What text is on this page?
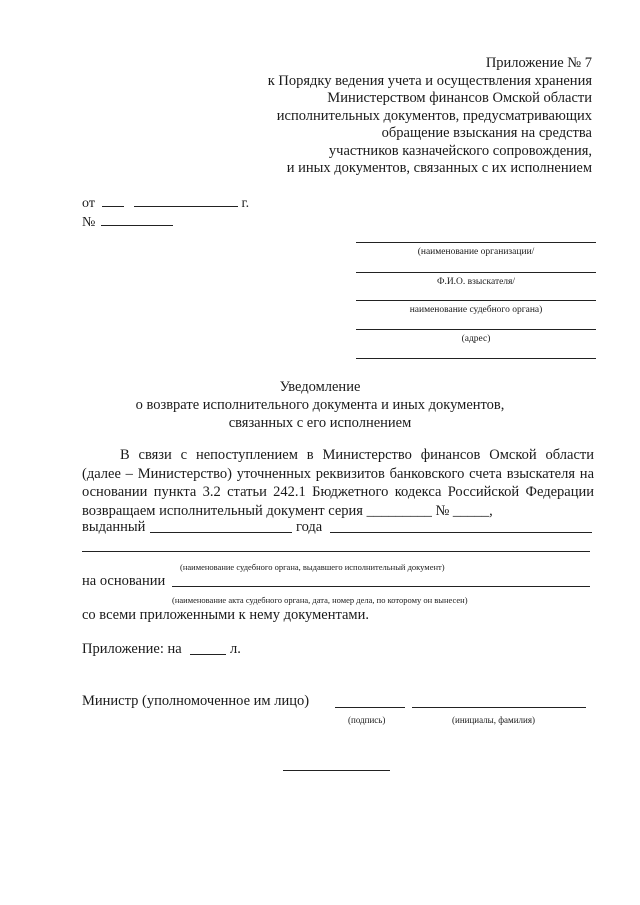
Приложение № 7
к Порядку ведения учета и осуществления хранения
Министерством финансов Омской области
исполнительных документов, предусматривающих
обращение взыскания на средства
участников казначейского сопровождения,
и иных документов, связанных с их исполнением
от	г.
№
(наименование организации/
Ф.И.О. взыскателя/
наименование судебного органа)
(адрес)
Уведомление
о возврате исполнительного документа и иных документов,
связанных с его исполнением

В связи с непоступлением в Министерство финансов Омской области (далее – Министерство) уточненных реквизитов банковского счета взыскателя на основании пункта 3.2 статьи 242.1 Бюджетного кодекса Российской Федерации возвращаем исполнительный документ серия _________ № _____,

выданный	года
(наименование судебного органа, выдавшего исполнительный документ)
на основании
(наименование акта судебного органа, дата, номер дела, по которому он вынесен)
со всеми приложенными к нему документами.
Приложение: на	л.
Министр (уполномоченное им лицо)
(подпись)	(инициалы, фамилия)
